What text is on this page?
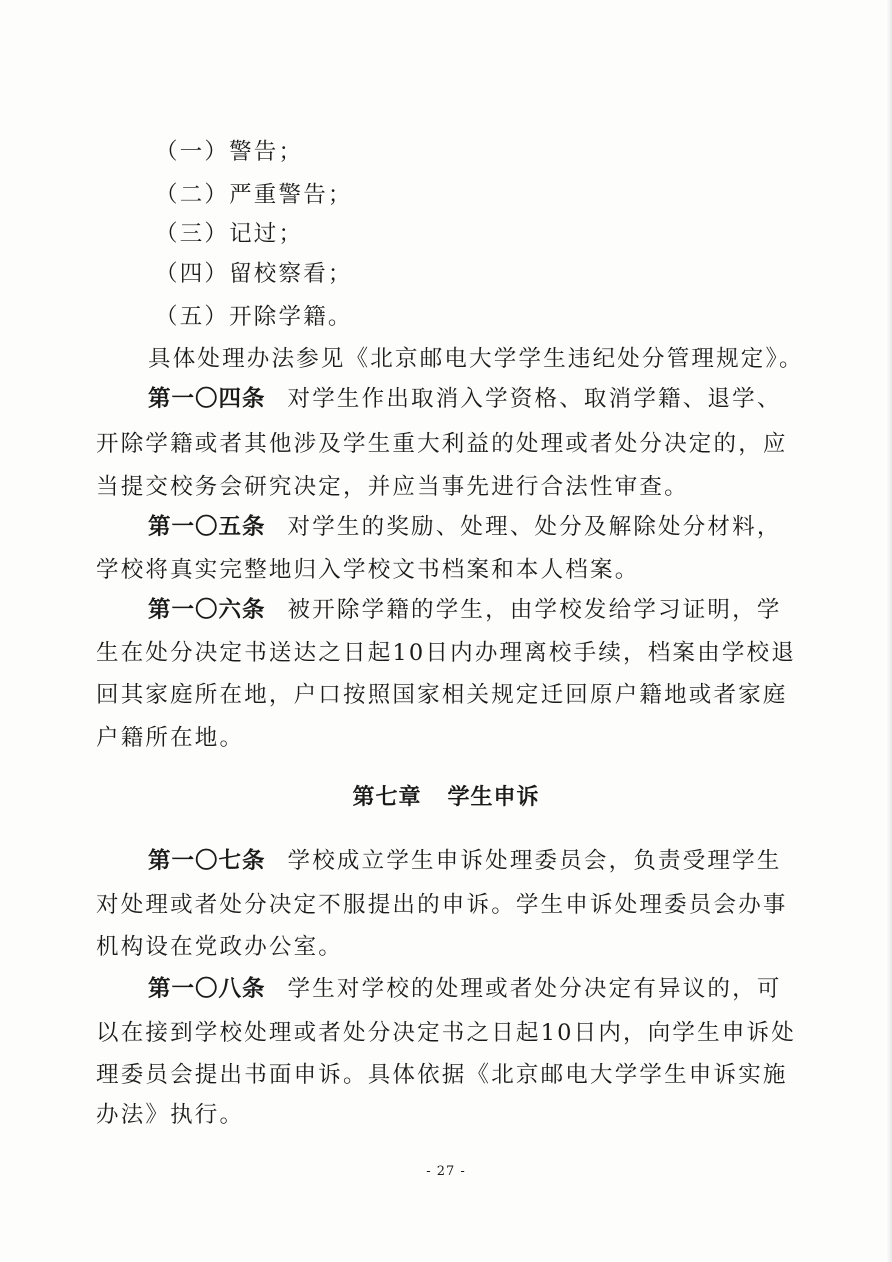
（一）警告；
（二）严重警告；
（三）记过；
（四）留校察看；
（五）开除学籍。
具体处理办法参见《北京邮电大学学生违纪处分管理规定》。
第一〇四条 对学生作出取消入学资格、取消学籍、退学、
开除学籍或者其他涉及学生重大利益的处理或者处分决定的，应
当提交校务会研究决定，并应当事先进行合法性审查。
第一〇五条 对学生的奖励、处理、处分及解除处分材料，
学校将真实完整地归入学校文书档案和本人档案。
第一〇六条 被开除学籍的学生，由学校发给学习证明，学
生在处分决定书送达之日起10日内办理离校手续，档案由学校退
回其家庭所在地，户口按照国家相关规定迁回原户籍地或者家庭
户籍所在地。
第七章 学生申诉
第一〇七条 学校成立学生申诉处理委员会，负责受理学生
对处理或者处分决定不服提出的申诉。学生申诉处理委员会办事
机构设在党政办公室。
第一〇八条 学生对学校的处理或者处分决定有异议的，可
以在接到学校处理或者处分决定书之日起10日内，向学生申诉处
理委员会提出书面申诉。具体依据《北京邮电大学学生申诉实施
办法》执行。
- 27 -
